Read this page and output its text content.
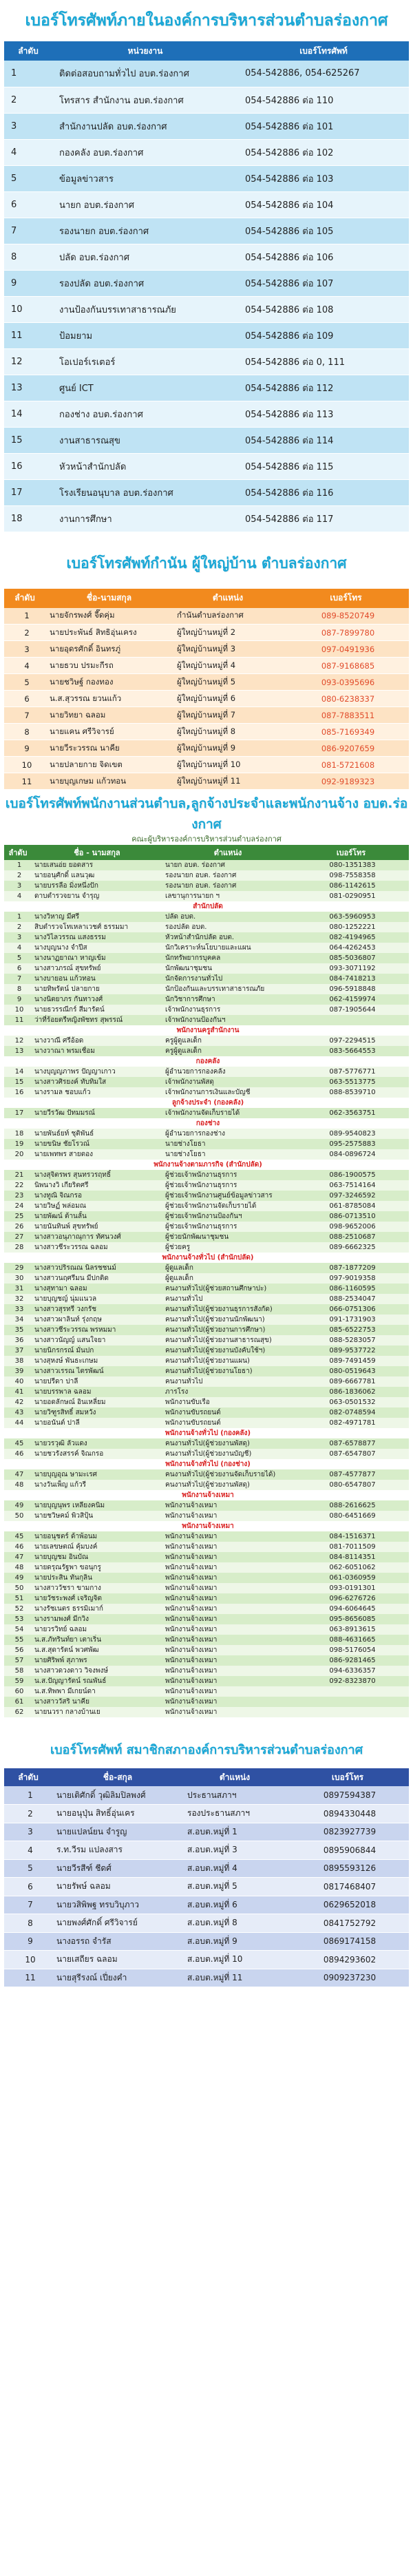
เบอร์โทรศัพท์ภายในองค์การบริหารส่วนตำบลร่องกาศ
ลำดับ	หน่วยงาน	เบอร์โทรศัพท์
1	ติดต่อสอบถามทั่วไป อบต.ร่องกาศ	054-542886, 054-625267
2	โทรสาร สำนักงาน อบต.ร่องกาศ	054-542886 ต่อ 110
3	สำนักงานปลัด อบต.ร่องกาศ	054-542886 ต่อ 101
4	กองคลัง อบต.ร่องกาศ	054-542886 ต่อ 102
5	ข้อมูลข่าวสาร	054-542886 ต่อ 103
6	นายก อบต.ร่องกาศ	054-542886 ต่อ 104
7	รองนายก อบต.ร่องกาศ	054-542886 ต่อ 105
8	ปลัด อบต.ร่องกาศ	054-542886 ต่อ 106
9	รองปลัด อบต.ร่องกาศ	054-542886 ต่อ 107
10	งานป้องกันบรรเทาสาธารณภัย	054-542886 ต่อ 108
11	ป้อมยาม	054-542886 ต่อ 109
12	โอเปอร์เรเตอร์	054-542886 ต่อ 0, 111
13	ศูนย์ ICT	054-542886 ต่อ 112
14	กองช่าง อบต.ร่องกาศ	054-542886 ต่อ 113
15	งานสาธารณสุข	054-542886 ต่อ 114
16	หัวหน้าสำนักปลัด	054-542886 ต่อ 115
17	โรงเรียนอนุบาล อบต.ร่องกาศ	054-542886 ต่อ 116
18	งานการศึกษา	054-542886 ต่อ 117
เบอร์โทรศัพท์กำนัน ผู้ใหญ่บ้าน ตำบลร่องกาศ
ลำดับ	ชื่อ-นามสกุล	ตำแหน่ง	เบอร์โทร
1	นายจักรพงศ์ จี๊ดคุ่ม	กำนันตำบลร่องกาศ	089-8520749
2	นายประพันธ์ สิทธิอุ่นเครง	ผู้ใหญ่บ้านหมู่ที่ 2	087-7899780
3	นายอุดรศักดิ์ อินทรภู่	ผู้ใหญ่บ้านหมู่ที่ 3	097-0491936
4	นายธวบ ปรมะกีรถ	ผู้ใหญ่บ้านหมู่ที่ 4	087-9168685
5	นายชวิษฐ์ กองทอง	ผู้ใหญ่บ้านหมู่ที่ 5	093-0395696
6	น.ส.สุวรรณ ยวนแก้ว	ผู้ใหญ่บ้านหมู่ที่ 6	080-6238337
7	นายวิทยา ฉลอม	ผู้ใหญ่บ้านหมู่ที่ 7	087-7883511
8	นายแคน ศรีวิจารย์	ผู้ใหญ่บ้านหมู่ที่ 8	085-7169349
9	นายวีระวรรณ นาคีย	ผู้ใหญ่บ้านหมู่ที่ 9	086-9207659
10	นายปลายกาย จิดเขต	ผู้ใหญ่บ้านหมู่ที่ 10	081-5721608
11	นายบุญเกษม แก้วทอน	ผู้ใหญ่บ้านหมู่ที่ 11	092-9189323
เบอร์โทรศัพท์พนักงานส่วนตำบล,ลูกจ้างประจำและพนักงานจ้าง อบต.ร่องกาศ
คณะผู้บริหารองค์การบริหารส่วนตำบลร่องกาศ
ลำดับ	ชื่อ - นามสกุล	ตำแหน่ง	เบอร์โทร
1	นายเสนอ่ย ยอดสาร	นายก อบต. ร่องกาศ	080-1351383
2	นายอนุศักดิ์ แลนวุฒ	รองนายก อบต. ร่องกาศ	098-7558358
3	นายบรรลือ มิ่งหนึ่งปัก	รองนายก อบต. ร่องกาศ	086-1142615
4	ดาบตำรวจยาน จำรุญ	เลขานุการนายก ฯ	081-0290951
สำนักปลัด			
1	นางวิหาญ มีศรี	ปลัด อบต.	063-5960953
2	สิบตำรวจโทเหลาเวชศ์ ธรรมมา	รองปลัด อบต.	080-1252221
3	นางวิไลวรรณ แสงธรรม	หัวหน้าสำนักปลัด อบต.	082-4194965
4	นางบุญนาง จำปีส	นักวิเคราะห์นโยบายและแผน	064-4262453
5	นางนาฏยาณา หาญเข้ม	นักทรัพยากรบุคคล	085-5036807
6	นางสาวภรณ์ สุขทรัพย์	นักพัฒนาชุมชน	093-3071192
7	นางบายอน แก้วทอน	นักจัดการงานทั่วไป	084-7418213
8	นายทิพรัตน์ ปลายกาย	นักป้องกันและบรรเทาสาธารณภัย	096-5918848
9	นางนิตยาภร กันทาวงศ์	นักวิชาการศึกษา	062-4159974
10	นายธวรรณีกร์ สีมารัตน์	เจ้าพนักงานธุรการ	087-1905644
11	ว่าที่ร้อยตรีหญิงพัชทร สุพรรณ์	เจ้าพนักงานป้องกันฯ	
พนักงานครูสำนักงาน			
12	นางวาณี ศรีอ้อด	ครูผู้ดูแลเด็ก	097-2294515
13	นางวาณา พรมเชื่อม	ครูผู้ดูแลเด็ก	083-5664553
กองคลัง			
14	นางบุญญภาพร ปัญญาเกาว	ผู้อำนวยการกองคลัง	087-5776771
15	นางสาวศิรยงค์ ทับทิมใส	เจ้าพนักงานพัสดุ	063-5513775
16	นางรามล ชอบแก้ว	เจ้าพนักงานการเงินและบัญชี	088-8539710
ลูกจ้างประจำ (กองคลัง)			
17	นายวีรวัฒ ปัทมมรณ์	เจ้าพนักงานจัดเก็บรายได้	062-3563751
กองช่าง			
18	นายพันธ์ยท์ ชุติพันธ์	ผู้อำนวยการกองช่าง	089-9540823
19	นายขนิษ ชัยโรวณ์	นายช่างโยธา	095-2575883
20	นายเพทพร สายตอง	นายช่างโยธา	084-0896724
พนักงานจ้างตามภารกิจ (สำนักปลัด)			
21	นางสุจิตรพร สุนทรวรฤทธิ์	ผู้ช่วยเจ้าพนักงานธุรการ	086-1900575
22	นิพนางวิ เกียริตศรี	ผู้ช่วยเจ้าพนักงานธุรการ	063-7514164
23	นางทูณิ จิณกรอ	ผู้ช่วยเจ้าพนักงานศูนย์ข้อมูลข่าวสาร	097-3246592
24	นายวิษฏ์ พล่อมณ	ผู้ช่วยเจ้าพนักงานจัดเก็บรายได้	061-8785084
25	นายพัฒน์ ต้านลั้น	ผู้ช่วยเจ้าพนักงานป้องกันฯ	086-0713510
26	นายนันทินพ์ สุขทรัพย์	ผู้ช่วยเจ้าพนักงานธุรการ	098-9652006
27	นางสาวอนุภาณุการ ทัศนวงศ์	ผู้ช่วยนักพัฒนาชุมชน	088-2510687
28	นางสาวชีระวรรณ ฉลอม	ผู้ช่วยครู	089-6662325
พนักงานจ้างทั่วไป (สำนักปลัด)			
29	นางสาวปริรณณ นิลรชชนม์	ผู้ดูแลเด็ก	087-1877209
30	นางสาวนฤศรีมน มีปกติด	ผู้ดูแลเด็ก	097-9019358
31	นางสุทามา ฉลอม	คนงานทั่วไป(ผู้ช่วยสถานศึกษาปะ)	086-1160595
32	นายบุญชญ์ นุ่มแนวล	คนงานทั่วไป	088-2534047
33	นางสาวสุรทรี วงกรัช	คนงานทั่วไป(ผู้ช่วยงานธุรการสังกัด)	066-0751306
34	นางสาวผาลินท์ รุ่งกฤษ	คนงานทั่วไป(ผู้ช่วยงานนักพัฒนา)	091-1731903
35	นางสาวชีระวรรณ พรหมมา	คนงานทั่วไป(ผู้ช่วยงานการศึกษา)	085-6522753
36	นางสาวนัญญ์ แสนใจยา	คนงานทั่วไป(ผู้ช่วยงานสาธารณสุข)	088-5283057
37	นายนิกรกรณ์ มั่นปก	คนงานทั่วไป(ผู้ช่วยงานบังคับใช้ฯ)	089-9537722
38	นางสุหงษ์ พันธะเกษม	คนงานทั่วไป(ผู้ช่วยงานแผน)	089-7491459
39	นางสาวเรรณ ไตรพัฒน์	คนงานทั่วไป(ผู้ช่วยงานโยธา)	080-0519643
40	นายปรีดา ปาลี	คนงานทั่วไป	089-6667781
41	นายบรรพาล ฉลอม	ภารโรง	086-1836062
42	นายอดลักษณ์ อินเหลี่ยม	พนักงานขับเรือ	063-0501532
43	นายวิฑูรสิทธิ์ สมหวัง	พนักงานขับรถยนต์	082-0748594
44	นายอนันต์ ปาลี	พนักงานขับรถยนต์	082-4971781
พนักงานจ้างทั่วไป (กองคลัง)			
45	นายวรวุฒิ ลัวแดง	คนงานทั่วไป(ผู้ช่วยงานพัสดุ)	087-6578877
46	นายชวรังสรรค์ จิณกรอ	คนงานทั่วไป(ผู้ช่วยงานบัญชี)	087-6547807
พนักงานจ้างทั่วไป (กองช่าง)			
47	นายบุญอุณ ษามะเรศ	คนงานทั่วไป(ผู้ช่วยงานจัดเก็บรายได้)	087-4577877
48	นางวันเพ็ญ แก้วรี	คนงานทั่วไป(ผู้ช่วยงานพัสดุ)	080-6547807
พนักงานจ้างเหมา			
49	นายบุญนุพร เหลียงคนิม	พนักงานจ้างเหมา	088-2616625
50	นายชวิษคม์ พิวสิปุ้น	พนักงานจ้างเหมา	080-6451669
พนักงานจ้างเหมา			
45	นายอนุชตร์ ด้าพ้อนม	พนักงานจ้างเหมา	084-1516371
46	นายเลขษตณ์ คุ้มบงค์	พนักงานจ้างเหมา	081-7011509
47	นายบุญชม อินบัณ	พนักงานจ้างเหมา	084-8114351
48	นายดรุณรัฐพา ขอนุกรู	พนักงานจ้างเหมา	062-6051062
49	นายประสิน ทันกุลิน	พนักงานจ้างเหมา	061-0360959
50	นางสาววัชรา ขามกาง	พนักงานจ้างเหมา	093-0191301
51	นายวัชระพงศ์ เจริญจิต	พนักงานจ้างเหมา	096-6276726
52	นางรัชเนตร ธรรมิเมาก์	พนักงานจ้างเหมา	094-6064645
53	นางรามพงศ์ มีกวิง	พนักงานจ้างเหมา	095-8656085
54	นายวรวิทย์ ฉลอม	พนักงานจ้างเหมา	063-8913615
55	น.ส.ภัทรินท์ยา เตาเริ่น	พนักงานจ้างเหมา	088-4631665
56	น.ส.สุดารัตน์ พวศพัฒ	พนักงานจ้างเหมา	098-5176054
57	นายศิริพพ์ สุภาพร	พนักงานจ้างเหมา	086-9281465
58	นางสาวดวงดาว วิจงพงษ์	พนักงานจ้างเหมา	094-6336357
59	น.ส.ปัญญารัตน์ รณพันธ์	พนักงานจ้างเหมา	092-8323870
60	น.ส.ทิพพา มีเกยน์ดา	พนักงานจ้างเหมา	
61	นางสาววัสริ นาคีย	พนักงานจ้างเหมา	
62	นายนวรา กลางบ้านเย	พนักงานจ้างเหมา	
เบอร์โทรศัพท์ สมาชิกสภาองค์การบริหารส่วนตำบลร่องกาศ
ลำดับ	ชื่อ-สกุล	ตำแหน่ง	เบอร์โทร
1	นายเติศักดิ์ วุฒิลิมปิลพงศ์	ประธานสภาฯ	0897594387
2	นายอนุปุ่น สิทธิ์อุ่นเคร	รองประธานสภาฯ	0894330448
3	นายแปลน์ยน จำรูญ	ส.อบต.หมู่ที่ 1	0823927739
4	ร.ท.วีรม แปลงสาร	ส.อบต.หมู่ที่ 3	0895906844
5	นายวีรสีฑ์ ชีดศ์	ส.อบต.หมู่ที่ 4	0895593126
6	นายรัพษ์ ฉลอม	ส.อบต.หมู่ที่ 5	0817468407
7	นายวสิพิพฐ ทรบวิบุภาว	ส.อบต.หมู่ที่ 6	0629652018
8	นายพงศ์ศักดิ์ ศรีวิจารย์	ส.อบต.หมู่ที่ 8	0841752792
9	นางอรรถ จำรัส	ส.อบต.หมู่ที่ 9	0869174158
10	นายเสถียร ฉลอม	ส.อบต.หมู่ที่ 10	0894293602
11	นายสุรีรงณ์ เปี่ยงคำ	ส.อบต.หมู่ที่ 11	0909237230
